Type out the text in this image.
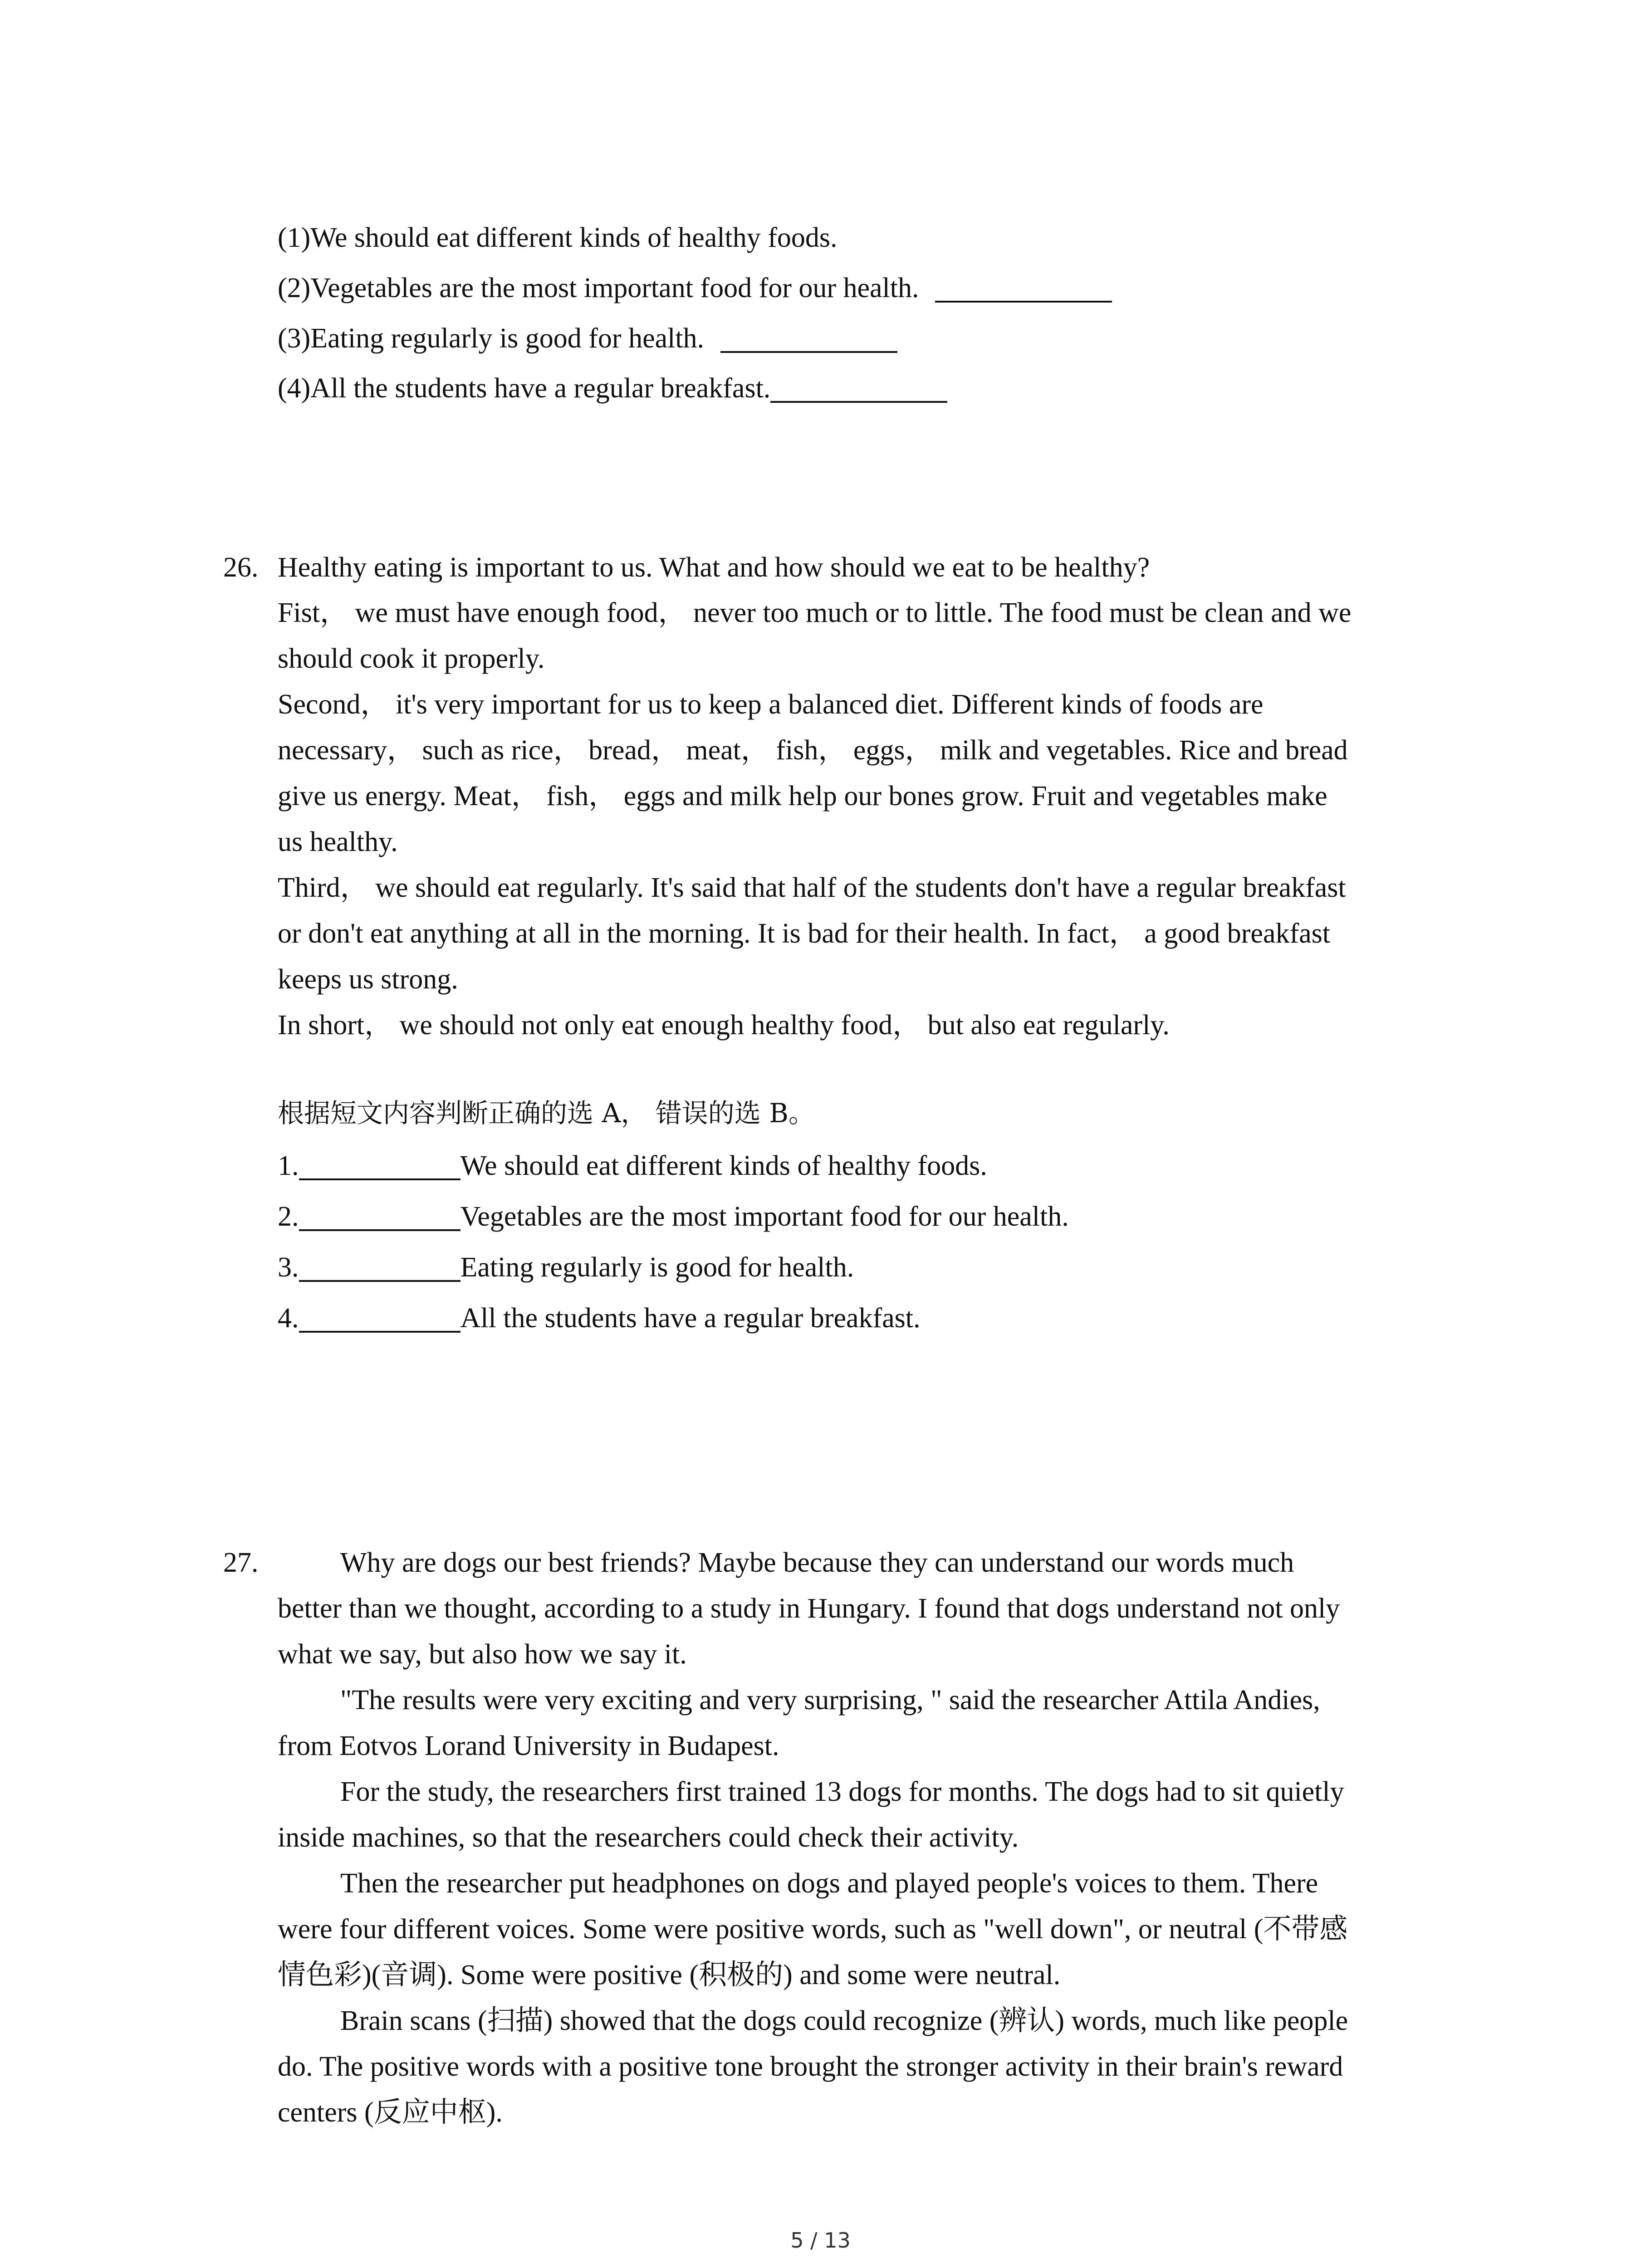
(1)We should eat different kinds of healthy foods.
(2)Vegetables are the most important food for our health.
(3)Eating regularly is good for health.
(4)All the students have a regular breakfast.
26. Healthy eating is important to us. What and how should we eat to be healthy?
Fist， we must have enough food， never too much or to little. The food must be clean and we
should cook it properly.
Second， it's very important for us to keep a balanced diet. Different kinds of foods are
necessary， such as rice， bread， meat， fish， eggs， milk and vegetables. Rice and bread
give us energy. Meat， fish， eggs and milk help our bones grow. Fruit and vegetables make
us healthy.
Third， we should eat regularly. It's said that half of the students don't have a regular breakfast
or don't eat anything at all in the morning. It is bad for their health. In fact， a good breakfast
keeps us strong.
In short， we should not only eat enough healthy food， but also eat regularly.
根据短文内容判断正确的选 A， 错误的选 B。
1.	We should eat different kinds of healthy foods.
2.	Vegetables are the most important food for our health.
3.	Eating regularly is good for health.
4.	All the students have a regular breakfast.
27.	Why are dogs our best friends? Maybe because they can understand our words much
better than we thought, according to a study in Hungary. I found that dogs understand not only
what we say, but also how we say it.
"The results were very exciting and very surprising, " said the researcher Attila Andies,
from Eotvos Lorand University in Budapest.
For the study, the researchers first trained 13 dogs for months. The dogs had to sit quietly
inside machines, so that the researchers could check their activity.
Then the researcher put headphones on dogs and played people's voices to them. There
were four different voices. Some were positive words, such as "well down", or neutral (不带感
情色彩)(音调). Some were positive (积极的) and some were neutral.
Brain scans (扫描) showed that the dogs could recognize (辨认) words, much like people
do. The positive words with a positive tone brought the stronger activity in their brain's reward
centers (反应中枢).
5 / 13
